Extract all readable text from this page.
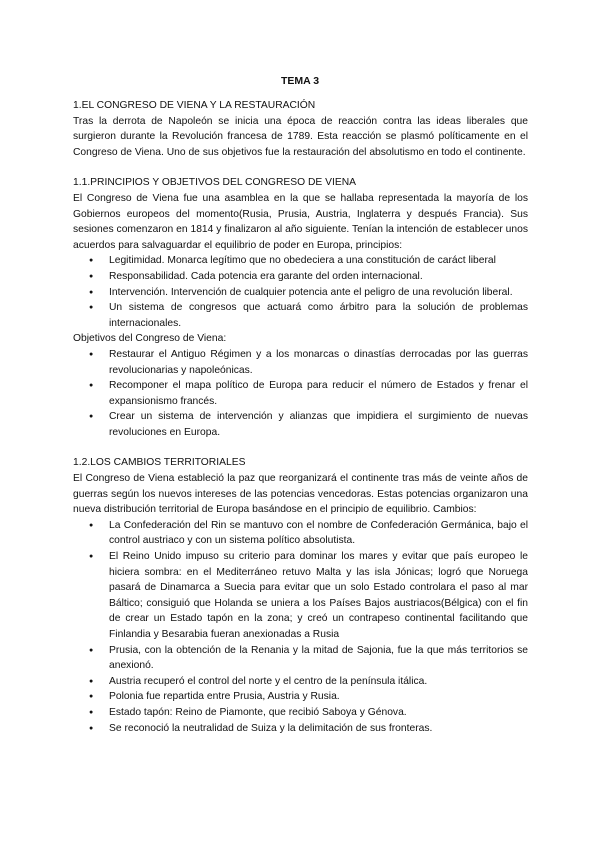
TEMA 3
1.EL CONGRESO DE VIENA Y LA RESTAURACIÓN

Tras la derrota de Napoleón se inicia una época de reacción contra las ideas liberales que surgieron durante la Revolución francesa de 1789. Esta reacción se plasmó políticamente en el Congreso de Viena. Uno de sus objetivos fue la restauración del absolutismo en todo el continente.

1.1.PRINCIPIOS Y OBJETIVOS DEL CONGRESO DE VIENA

El Congreso de Viena fue una asamblea en la que se hallaba representada la mayoría de los Gobiernos europeos del momento(Rusia, Prusia, Austria, Inglaterra y después Francia). Sus sesiones comenzaron en 1814 y finalizaron al año siguiente. Tenían la intención de establecer unos acuerdos para salvaguardar el equilibrio de poder en Europa, principios:

● Legitimidad. Monarca legítimo que no obedeciera a una constitución de caráct liberal
● Responsabilidad. Cada potencia era garante del orden internacional.
● Intervención. Intervención de cualquier potencia ante el peligro de una revolución liberal.
● Un sistema de congresos que actuará como árbitro para la solución de problemas internacionales.

Objetivos del Congreso de Viena:

● Restaurar el Antiguo Régimen y a los monarcas o dinastías derrocadas por las guerras revolucionarias y napoleónicas.
● Recomponer el mapa político de Europa para reducir el número de Estados y frenar el expansionismo francés.
● Crear un sistema de intervención y alianzas que impidiera el surgimiento de nuevas revoluciones en Europa.
1.2.LOS CAMBIOS TERRITORIALES

El Congreso de Viena estableció la paz que reorganizará el continente tras más de veinte años de guerras según los nuevos intereses de las potencias vencedoras. Estas potencias organizaron una nueva distribución territorial de Europa basándose en el principio de equilibrio. Cambios:

● La Confederación del Rin se mantuvo con el nombre de Confederación Germánica, bajo el control austriaco y con un sistema político absolutista.
● El Reino Unido impuso su criterio para dominar los mares y evitar que país europeo le hiciera sombra: en el Mediterráneo retuvo Malta y las isla Jónicas; logró que Noruega pasará de Dinamarca a Suecia para evitar que un solo Estado controlara el paso al mar Báltico; consiguió que Holanda se uniera a los Países Bajos austriacos(Bélgica) con el fin de crear un Estado tapón en la zona; y creó un contrapeso continental facilitando que Finlandia y Besarabia fueran anexionadas a Rusia
● Prusia, con la obtención de la Renania y la mitad de Sajonia, fue la que más territorios se anexionó.
● Austria recuperó el control del norte y el centro de la península itálica.
● Polonia fue repartida entre Prusia, Austria y Rusia.
● Estado tapón: Reino de Piamonte, que recibió Saboya y Génova.
● Se reconoció la neutralidad de Suiza y la delimitación de sus fronteras.
